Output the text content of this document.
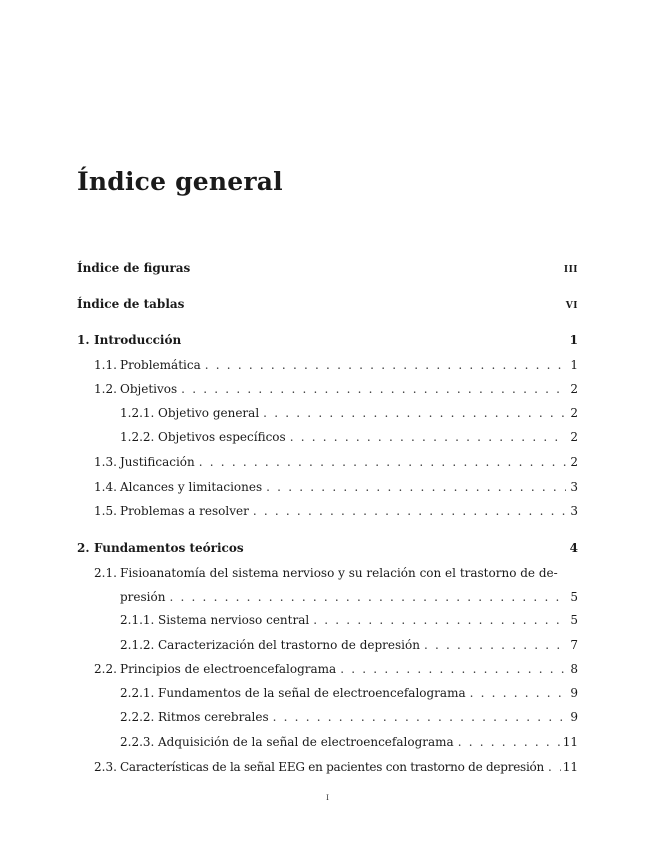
Índice general
Índice de figuras	III
Índice de tablas	VI
1. Introducción	1
1.1. Problemática . . .	1
1.2. Objetivos . . .	2
1.2.1. Objetivo general . . .	2
1.2.2. Objetivos específicos . . .	2
1.3. Justificación . . .	2
1.4. Alcances y limitaciones . . .	3
1.5. Problemas a resolver . . .	3
2. Fundamentos teóricos	4
2.1. Fisioanatomía del sistema nervioso y su relación con el trastorno de de-
presión . . .	5
2.1.1. Sistema nervioso central . . .	5
2.1.2. Caracterización del trastorno de depresión . . .	7
2.2. Principios de electroencefalograma . . .	8
2.2.1. Fundamentos de la señal de electroencefalograma . . .	9
2.2.2. Ritmos cerebrales . . .	9
2.2.3. Adquisición de la señal de electroencefalograma . . .	11
2.3. Características de la señal EEG en pacientes con trastorno de depresión . . . 11
I
